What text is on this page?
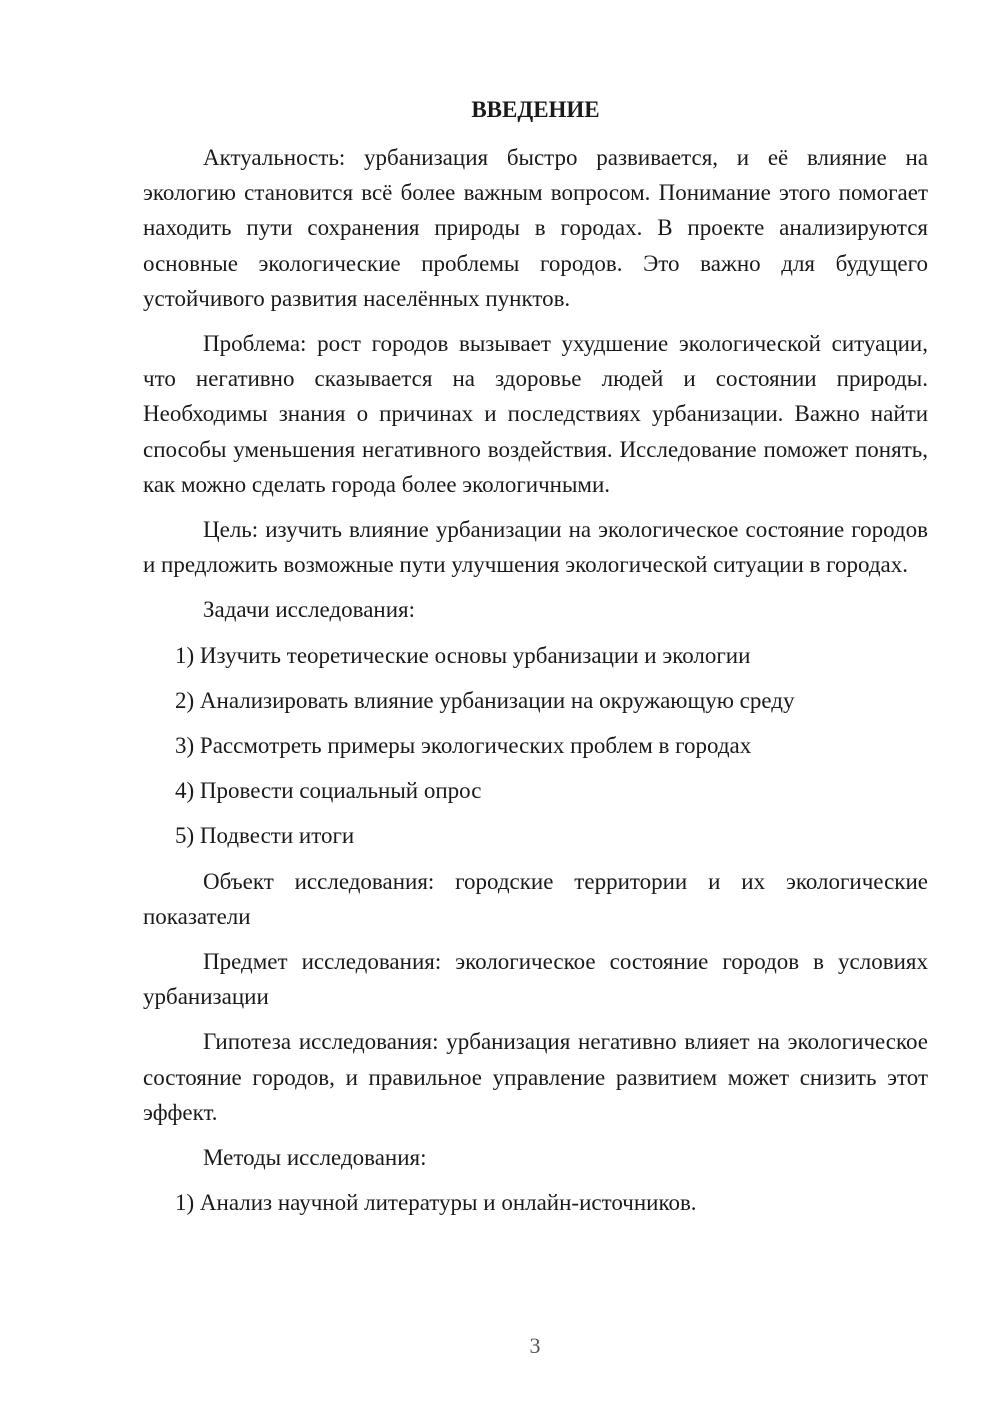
ВВЕДЕНИЕ

Актуальность: урбанизация быстро развивается, и её влияние на экологию становится всё более важным вопросом. Понимание этого помогает находить пути сохранения природы в городах. В проекте анализируются основные экологические проблемы городов. Это важно для будущего устойчивого развития населённых пунктов.

Проблема: рост городов вызывает ухудшение экологической ситуации, что негативно сказывается на здоровье людей и состоянии природы. Необходимы знания о причинах и последствиях урбанизации. Важно найти способы уменьшения негативного воздействия. Исследование поможет понять, как можно сделать города более экологичными.

Цель: изучить влияние урбанизации на экологическое состояние городов и предложить возможные пути улучшения экологической ситуации в городах.

Задачи исследования:

1) Изучить теоретические основы урбанизации и экологии
2) Анализировать влияние урбанизации на окружающую среду
3) Рассмотреть примеры экологических проблем в городах
4) Провести социальный опрос
5) Подвести итоги

Объект исследования: городские территории и их экологические показатели

Предмет исследования: экологическое состояние городов в условиях урбанизации

Гипотеза исследования: урбанизация негативно влияет на экологическое состояние городов, и правильное управление развитием может снизить этот эффект.

Методы исследования:

1) Анализ научной литературы и онлайн-источников.
3
